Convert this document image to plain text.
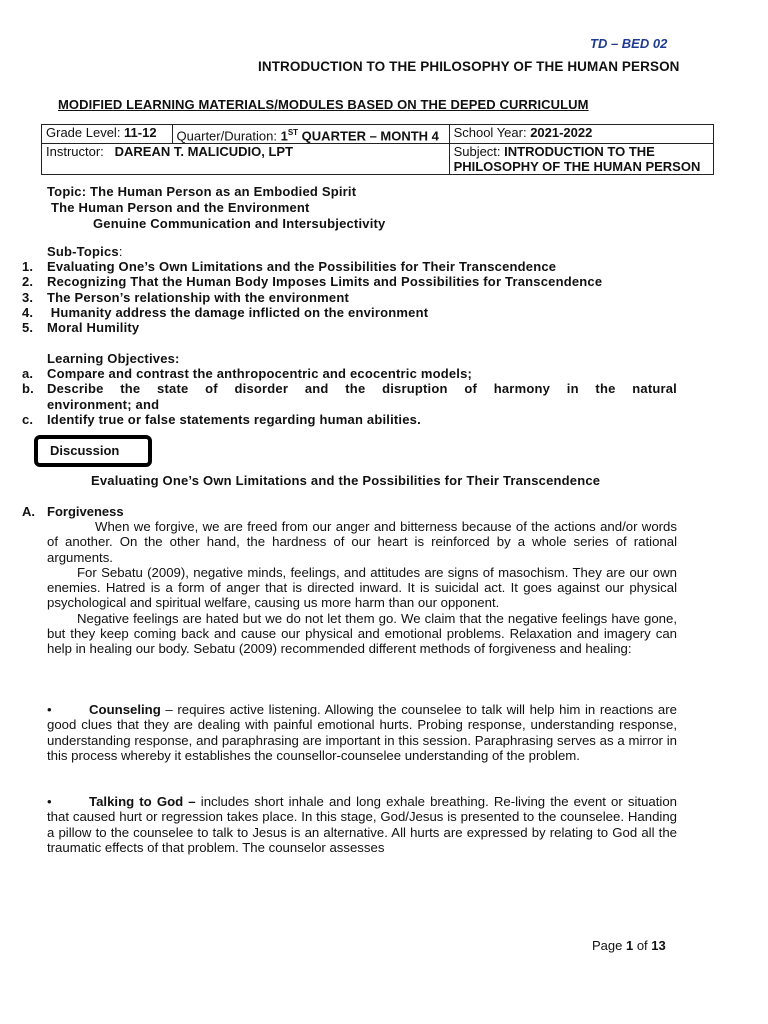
TD – BED 02
INTRODUCTION TO THE PHILOSOPHY OF THE HUMAN PERSON
MODIFIED LEARNING MATERIALS/MODULES BASED ON THE DEPED CURRICULUM
Grade Level: 11-12	Quarter/Duration: 1ST QUARTER – MONTH 4	School Year: 2021-2022
Instructor: DAREAN T. MALICUDIO, LPT		Subject: INTRODUCTION TO THE
PHILOSOPHY OF THE HUMAN PERSON
Topic: The Human Person as an Embodied Spirit
The Human Person and the Environment
Genuine Communication and Intersubjectivity
Sub-Topics:
1.	Evaluating One’s Own Limitations and the Possibilities for Their Transcendence
2.	Recognizing That the Human Body Imposes Limits and Possibilities for Transcendence
3.	The Person’s relationship with the environment
4.	Humanity address the damage inflicted on the environment
5.	Moral Humility
Learning Objectives:
a.	Compare and contrast the anthropocentric and ecocentric models;
b.	Describe the state of disorder and the disruption of harmony in the natural
environment; and
c.	Identify true or false statements regarding human abilities.
Discussion
Evaluating One’s Own Limitations and the Possibilities for Their Transcendence
A. Forgiveness

When we forgive, we are freed from our anger and bitterness because of the actions and/or words of another. On the other hand, the hardness of our heart is reinforced by a whole series of rational arguments.

For Sebatu (2009), negative minds, feelings, and attitudes are signs of masochism. They are our own enemies. Hatred is a form of anger that is directed inward. It is suicidal act. It goes against our physical psychological and spiritual welfare, causing us more harm than our opponent.

Negative feelings are hated but we do not let them go. We claim that the negative feelings have gone, but they keep coming back and cause our physical and emotional problems. Relaxation and imagery can help in healing our body. Sebatu (2009) recommended different methods of forgiveness and healing:

•	Counseling – requires active listening. Allowing the counselee to talk will help him in reactions are good clues that they are dealing with painful emotional hurts. Probing response, understanding response, understanding response, and paraphrasing are important in this session. Paraphrasing serves as a mirror in this process whereby it establishes the counsellor-counselee understanding of the problem.
•	Talking to God – includes short inhale and long exhale breathing. Re-living the event or situation that caused hurt or regression takes place. In this stage, God/Jesus is presented to the counselee. Handing a pillow to the counselee to talk to Jesus is an alternative. All hurts are expressed by relating to God all the traumatic effects of that problem. The counselor assesses
Page 1 of 13
